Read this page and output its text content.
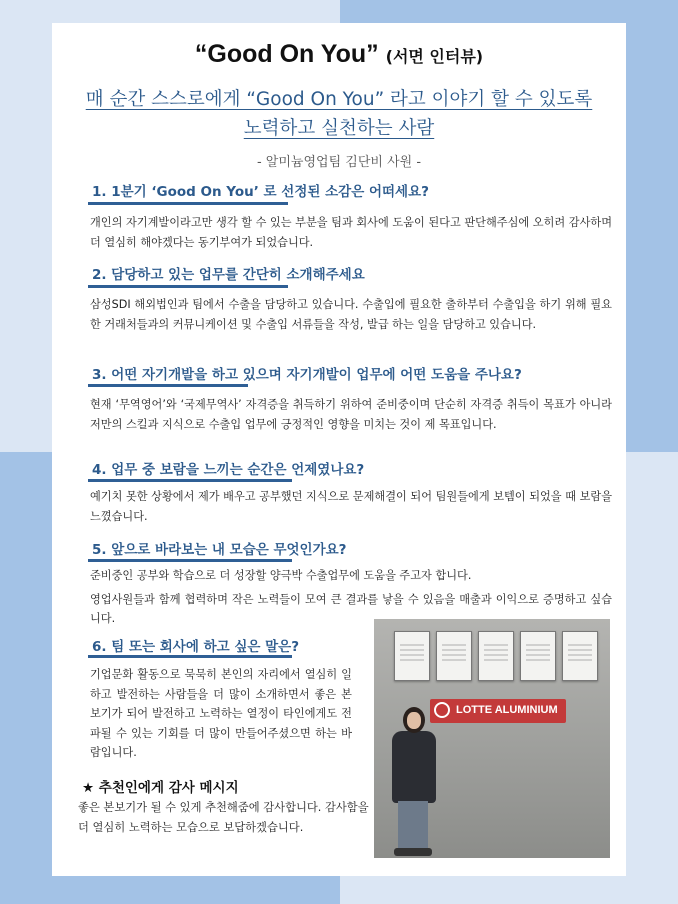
“Good On You” (서면 인터뷰)
매 순간 스스로에게 “Good On You” 라고 이야기 할 수 있도록
노력하고 실천하는 사람
- 알미늄영업팀 김단비 사원 -
1. 1분기 ‘Good On You’ 로 선정된 소감은 어떠세요?

개인의 자기계발이라고만 생각 할 수 있는 부분을 팀과 회사에 도움이 된다고 판단해주심에 오히려 감사하며 더 열심히 해야겠다는 동기부여가 되었습니다.

2. 담당하고 있는 업무를 간단히 소개해주세요

삼성SDI 해외법인과 팀에서 수출을 담당하고 있습니다. 수출입에 필요한 출하부터 수출입을 하기 위해 필요한 거래처들과의 커뮤니케이션 및 수출입 서류들을 작성, 발급 하는 일을 담당하고 있습니다.

3. 어떤 자기개발을 하고 있으며 자기개발이 업무에 어떤 도움을 주나요?

현재 ‘무역영어’와 ‘국제무역사’ 자격증을 취득하기 위하여 준비중이며 단순히 자격증 취득이 목표가 아니라 저만의 스킬과 지식으로 수출입 업무에 긍정적인 영향을 미치는 것이 제 목표입니다.

4. 업무 중 보람을 느끼는 순간은 언제였나요?

예기치 못한 상황에서 제가 배우고 공부했던 지식으로 문제해결이 되어 팀원들에게 보템이 되었을 때 보람을 느꼈습니다.

5. 앞으로 바라보는 내 모습은 무엇인가요?

준비중인 공부와 학습으로 더 성장할 양극박 수출업무에 도움을 주고자 합니다.

영업사원들과 함께 협력하며 작은 노력들이 모여 큰 결과를 낳을 수 있음을 매출과 이익으로 증명하고 싶습니다.

6. 팀 또는 회사에 하고 싶은 말은?

기업문화 활동으로 묵묵히 본인의 자리에서 열심히 일하고 발전하는 사람들을 더 많이 소개하면서 좋은 본보기가 되어 발전하고 노력하는 열정이 타인에게도 전파될 수 있는 기회를 더 많이 만들어주셨으면 하는 바람입니다.

LOTTE ALUMINIUM
★ 추천인에게 감사 메시지
좋은 본보기가 될 수 있게 추천해줌에 감사합니다. 감사함을 더 열심히 노력하는 모습으로 보답하겠습니다.
